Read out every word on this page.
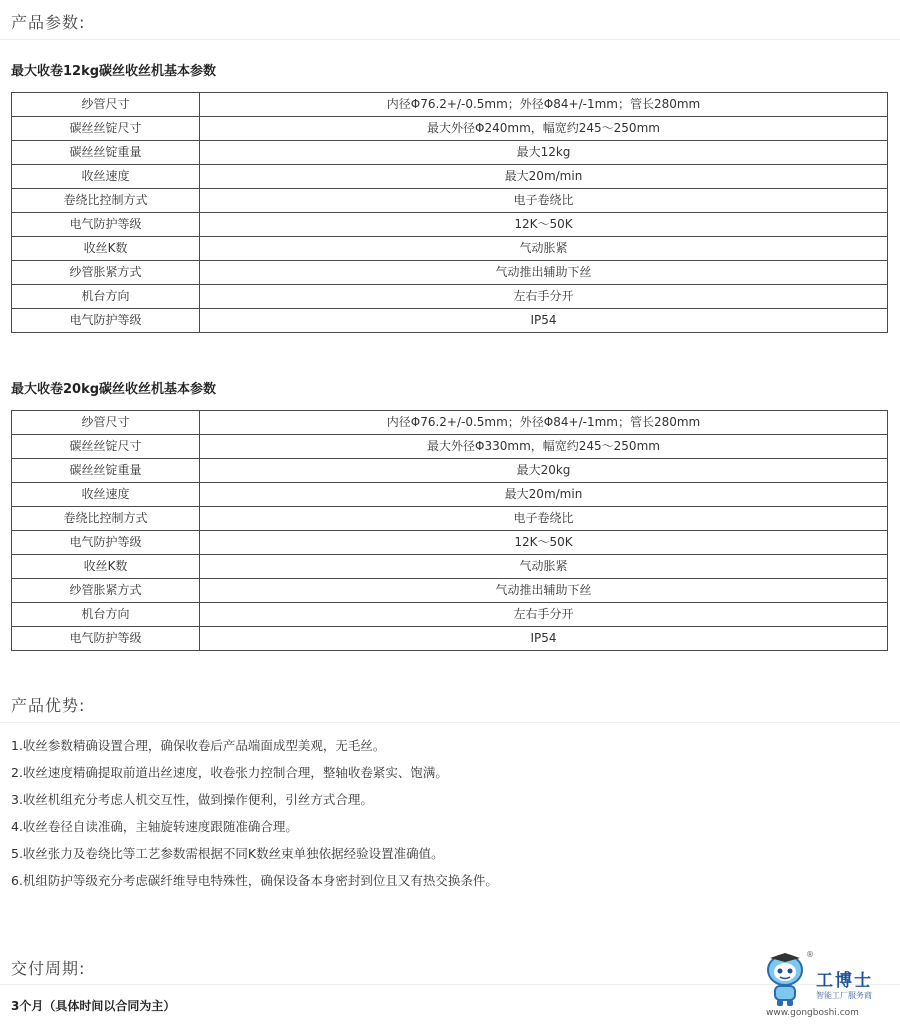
产品参数:
最大收卷12kg碳丝收丝机基本参数
纱管尺寸	内径Φ76.2+/-0.5mm；外径Φ84+/-1mm；管长280mm
碳丝丝锭尺寸	最大外径Φ240mm，幅宽约245～250mm
碳丝丝锭重量	最大12kg
收丝速度	最大20m/min
卷绕比控制方式	电子卷绕比
电气防护等级	12K～50K
收丝K数	气动胀紧
纱管胀紧方式	气动推出辅助下丝
机台方向	左右手分开
电气防护等级	IP54
最大收卷20kg碳丝收丝机基本参数
纱管尺寸	内径Φ76.2+/-0.5mm；外径Φ84+/-1mm；管长280mm
碳丝丝锭尺寸	最大外径Φ330mm，幅宽约245～250mm
碳丝丝锭重量	最大20kg
收丝速度	最大20m/min
卷绕比控制方式	电子卷绕比
电气防护等级	12K～50K
收丝K数	气动胀紧
纱管胀紧方式	气动推出辅助下丝
机台方向	左右手分开
电气防护等级	IP54
产品优势:
1.收丝参数精确设置合理，确保收卷后产品端面成型美观，无毛丝。
2.收丝速度精确提取前道出丝速度，收卷张力控制合理，整轴收卷紧实、饱满。
3.收丝机组充分考虑人机交互性，做到操作便利，引丝方式合理。
4.收丝卷径自读准确，主轴旋转速度跟随准确合理。
5.收丝张力及卷绕比等工艺参数需根据不同K数丝束单独依据经验设置准确值。
6.机组防护等级充分考虑碳纤维导电特殊性，确保设备本身密封到位且又有热交换条件。
交付周期:

3个月（具体时间以合同为主）

®
工博士
智能工厂服务商
www.gongboshi.com
